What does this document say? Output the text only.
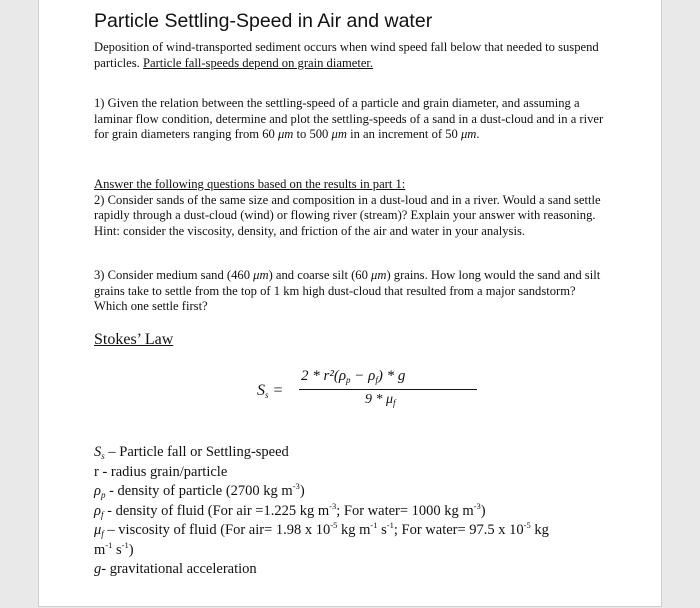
Particle Settling-Speed in Air and water

Deposition of wind-transported sediment occurs when wind speed fall below that needed to suspend particles. Particle fall-speeds depend on grain diameter.

1) Given the relation between the settling-speed of a particle and grain diameter, and assuming a laminar flow condition, determine and plot the settling-speeds of a sand in a dust-cloud and in a river for grain diameters ranging from 60 μm to 500 μm in an increment of 50 μm.

Answer the following questions based on the results in part 1:
2) Consider sands of the same size and composition in a dust-loud and in a river. Would a sand settle rapidly through a dust-cloud (wind) or flowing river (stream)? Explain your answer with reasoning. Hint: consider the viscosity, density, and friction of the air and water in your analysis.

3) Consider medium sand (460 μm) and coarse silt (60 μm) grains. How long would the sand and silt grains take to settle from the top of 1 km high dust-cloud that resulted from a major sandstorm? Which one settle first?

Stokes’ Law
$S_s$ =
$2 * r^2(\rho_p - \rho_f) * g$
$9 * \mu_f$
$S_s$ – Particle fall or Settling-speed
r - radius grain/particle
$\rho_p$ - density of particle (2700 kg $m^{-3}$)
$\rho_f$ - density of fluid (For air =1.225 kg $m^{-3}$; For water= 1000 kg $m^{-3}$)
$\mu_f$ – viscosity of fluid (For air= 1.98 x $10^{-5}$ kg $m^{-1}$ $s^{-1}$; For water= 97.5 x $10^{-5}$ kg
$m^{-1}$ $s^{-1}$)
g- gravitational acceleration
